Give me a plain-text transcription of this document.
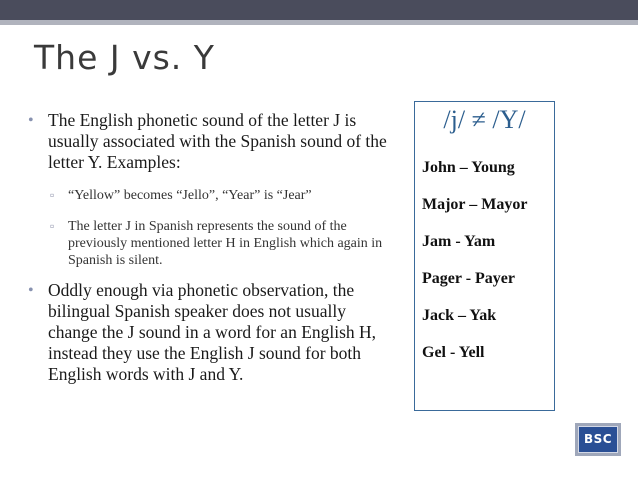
The J vs. Y
• The English phonetic sound of the letter J is usually associated with the Spanish sound of the letter Y. Examples:
▫ “Yellow” becomes “Jello”, “Year” is “Jear”
▫ The letter J in Spanish represents the sound of the previously mentioned letter H in English which again in Spanish is silent.
• Oddly enough via phonetic observation, the bilingual Spanish speaker does not usually change the J sound in a word for an English H, instead they use the English J sound for both English words with J and Y.
/j/ ≠ /Y/
John – Young
Major – Mayor
Jam - Yam
Pager - Payer
Jack – Yak
Gel - Yell
BSC
